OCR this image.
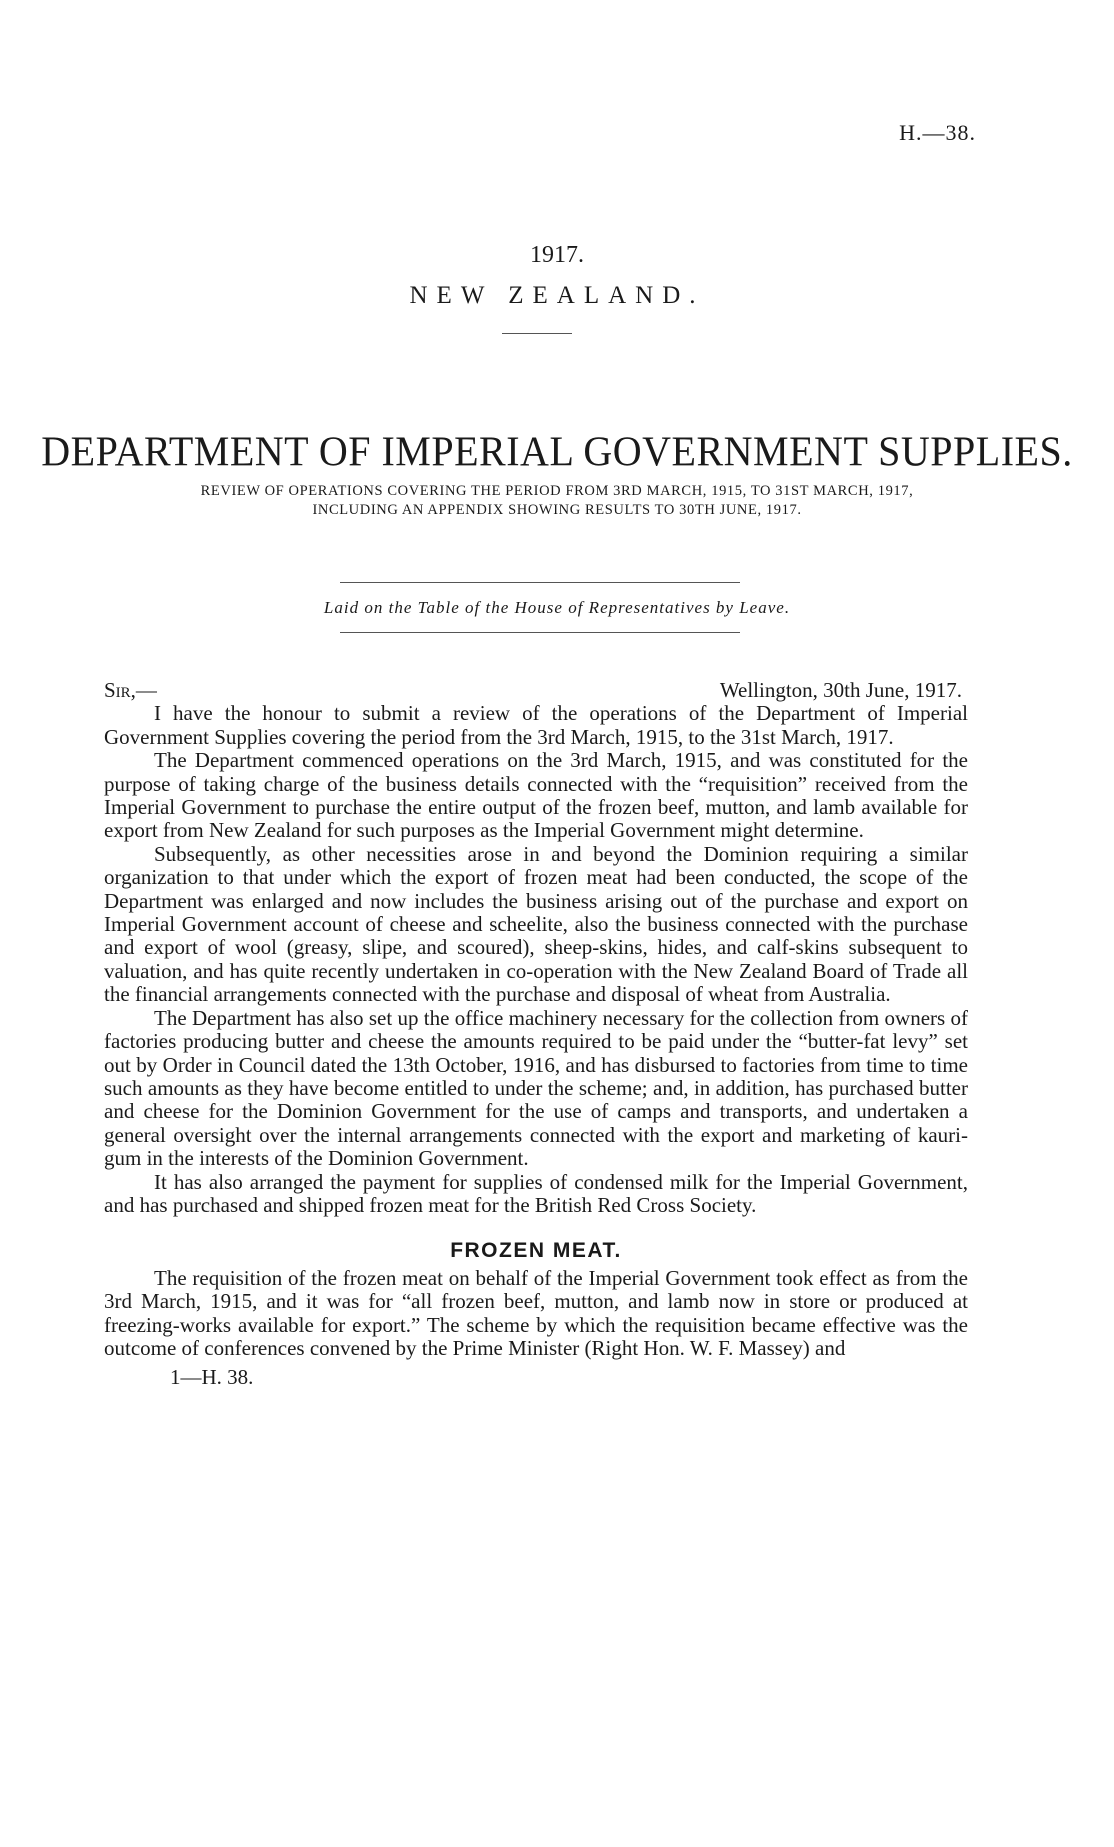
H.—38.
1917.
NEW ZEALAND.
DEPARTMENT OF IMPERIAL GOVERNMENT SUPPLIES.
REVIEW OF OPERATIONS COVERING THE PERIOD FROM 3RD MARCH, 1915, TO 31ST MARCH, 1917,
INCLUDING AN APPENDIX SHOWING RESULTS TO 30TH JUNE, 1917.
Laid on the Table of the House of Representatives by Leave.
Sir,—	Wellington, 30th June, 1917.

I have the honour to submit a review of the operations of the Department of Imperial Government Supplies covering the period from the 3rd March, 1915, to the 31st March, 1917.

The Department commenced operations on the 3rd March, 1915, and was constituted for the purpose of taking charge of the business details connected with the “requisition” received from the Imperial Government to purchase the entire output of the frozen beef, mutton, and lamb available for export from New Zealand for such purposes as the Imperial Government might determine.

Subsequently, as other necessities arose in and beyond the Dominion requiring a similar organization to that under which the export of frozen meat had been conducted, the scope of the Department was enlarged and now includes the business arising out of the purchase and export on Imperial Government account of cheese and scheelite, also the business connected with the purchase and export of wool (greasy, slipe, and scoured), sheep-skins, hides, and calf-skins subsequent to valuation, and has quite recently undertaken in co-operation with the New Zealand Board of Trade all the financial arrangements connected with the purchase and disposal of wheat from Australia.

The Department has also set up the office machinery necessary for the collection from owners of factories producing butter and cheese the amounts required to be paid under the “butter-fat levy” set out by Order in Council dated the 13th October, 1916, and has disbursed to factories from time to time such amounts as they have become entitled to under the scheme; and, in addition, has purchased butter and cheese for the Dominion Government for the use of camps and transports, and undertaken a general oversight over the internal arrangements connected with the export and marketing of kauri-gum in the interests of the Dominion Government.

It has also arranged the payment for supplies of condensed milk for the Imperial Government, and has purchased and shipped frozen meat for the British Red Cross Society.

FROZEN MEAT.

The requisition of the frozen meat on behalf of the Imperial Government took effect as from the 3rd March, 1915, and it was for “all frozen beef, mutton, and lamb now in store or produced at freezing-works available for export.” The scheme by which the requisition became effective was the outcome of conferences convened by the Prime Minister (Right Hon. W. F. Massey) and

1—H. 38.
